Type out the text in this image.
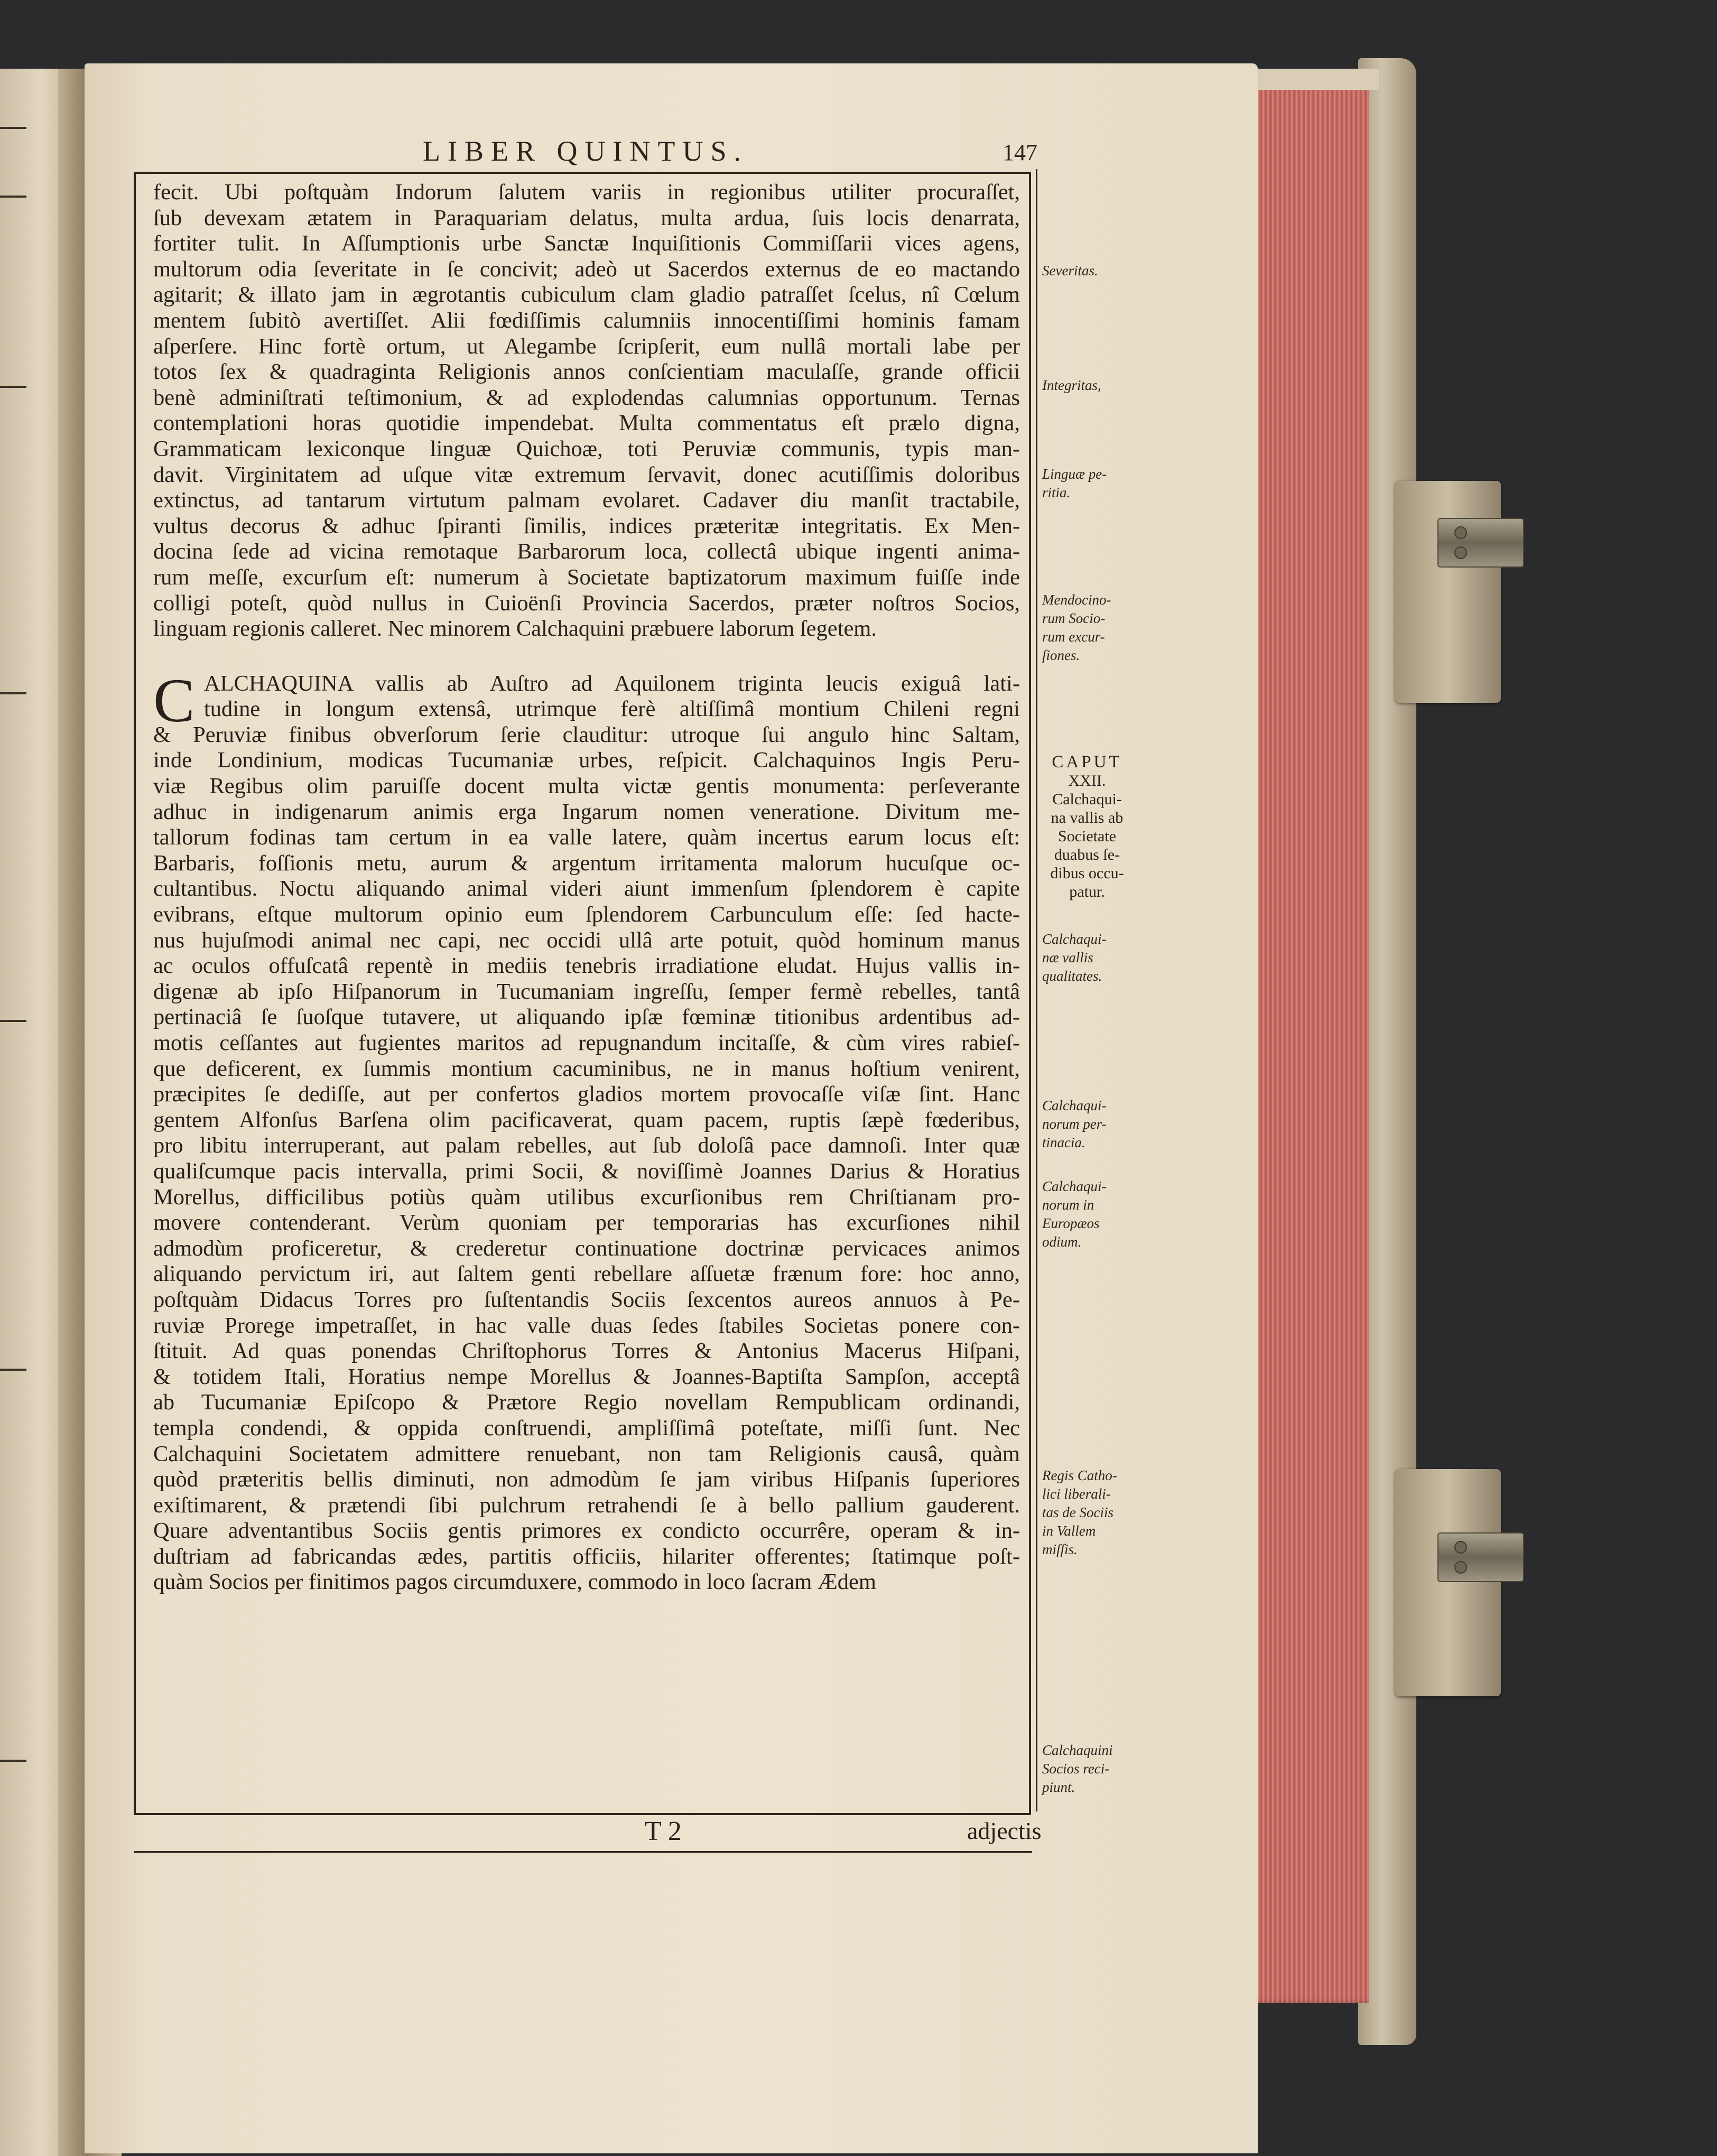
LIBER QUINTUS.	147
fecit. Ubi poſtquàm Indorum ſalutem variis in regionibus utiliter procuraſſet,
ſub devexam ætatem in Paraquariam delatus, multa ardua, ſuis locis denarrata,
fortiter tulit. In Aſſumptionis urbe Sanctæ Inquiſitionis Commiſſarii vices agens,
multorum odia ſeveritate in ſe concivit; adeò ut Sacerdos externus de eo mactando
agitarit; & illato jam in ægrotantis cubiculum clam gladio patraſſet ſcelus, nî Cœlum
mentem ſubitò avertiſſet. Alii fœdiſſimis calumniis innocentiſſimi hominis famam
aſperſere. Hinc fortè ortum, ut Alegambe ſcripſerit, eum nullâ mortali labe per
totos ſex & quadraginta Religionis annos conſcientiam maculaſſe, grande officii
benè adminiſtrati teſtimonium, & ad explodendas calumnias opportunum. Ternas
contemplationi horas quotidie impendebat. Multa commentatus eſt prælo digna,
Grammaticam lexiconque linguæ Quichoæ, toti Peruviæ communis, typis man-
davit. Virginitatem ad uſque vitæ extremum ſervavit, donec acutiſſimis doloribus
extinctus, ad tantarum virtutum palmam evolaret. Cadaver diu manſit tractabile,
vultus decorus & adhuc ſpiranti ſimilis, indices prætеritæ integritatis. Ex Men-
docina ſede ad vicina remotaque Barbarorum loca, collectâ ubique ingenti anima-
rum meſſe, excurſum eſt: numerum à Societate baptizatorum maximum fuiſſe inde
colligi poteſt, quòd nullus in Cuioënſi Provincia Sacerdos, præter noſtros Socios,
linguam regionis calleret. Nec minorem Calchaquini præbuere laborum ſegetem.
C ALCHAQUINA vallis ab Auſtro ad Aquilonem triginta leucis exiguâ lati-
tudine in longum extensâ, utrimque ferè altiſſimâ montium Chileni regni
& Peruviæ finibus obverſorum ſerie clauditur: utroque ſui angulo hinc Saltam,
inde Londinium, modicas Tucumaniæ urbes, reſpicit. Calchaquinos Ingis Peru-
viæ Regibus olim paruiſſe docent multa victæ gentis monumenta: perſeverante
adhuc in indigenarum animis erga Ingarum nomen veneratione. Divitum me-
tallorum fodinas tam certum in ea valle latere, quàm incertus earum locus eſt:
Barbaris, foſſionis metu, aurum & argentum irritamenta malorum hucuſque oc-
cultantibus. Noctu aliquando animal videri aiunt immenſum ſplendorem è capite
evibrans, eſtque multorum opinio eum ſplendorem Carbunculum eſſe: ſed hacte-
nus hujuſmodi animal nec capi, nec occidi ullâ arte potuit, quòd hominum manus
ac oculos offuſcatâ repentè in mediis tenebris irradiatione eludat. Hujus vallis in-
digenæ ab ipſo Hiſpanorum in Tucumaniam ingreſſu, ſemper fermè rebelles, tantâ
pertinaciâ ſe ſuoſque tutavere, ut aliquando ipſæ fœminæ titionibus ardentibus ad-
motis ceſſantes aut fugientes maritos ad repugnandum incitaſſe, & cùm vires rabieſ-
que deficerent, ex ſummis montium cacuminibus, ne in manus hoſtium venirent,
præcipites ſe dediſſe, aut per confertos gladios mortem provocaſſe viſæ ſint. Hanc
gentem Alfonſus Barſena olim pacificaverat, quam pacem, ruptis ſæpè fœderibus,
pro libitu interruperant, aut palam rebelles, aut ſub doloſâ pace damnoſi. Inter quæ
qualiſcumque pacis intervalla, primi Socii, & noviſſimè Joannes Darius & Horatius
Morellus, difficilibus potiùs quàm utilibus excurſionibus rem Chriſtianam pro-
movere contenderant. Verùm quoniam per temporarias has excurſiones nihil
admodùm proficeretur, & crederetur continuatione doctrinæ pervicaces animos
aliquando pervictum iri, aut ſaltem genti rebellare aſſuetæ frænum fore: hoc anno,
poſtquàm Didacus Torres pro ſuſtentandis Sociis ſexcentos aureos annuos à Pe-
ruviæ Prorege impetraſſet, in hac valle duas ſedes ſtabiles Societas ponere con-
ſtituit. Ad quas ponendas Chriſtophorus Torres & Antonius Macerus Hiſpani,
& totidem Itali, Horatius nempe Morellus & Joannes-Baptiſta Sampſon, acceptâ
ab Tucumaniæ Epiſcopo & Prætore Regio novellam Rempublicam ordinandi,
templa condendi, & oppida conſtruendi, ampliſſimâ poteſtate, miſſi ſunt. Nec
Calchaquini Societatem admittere renuebant, non tam Religionis causâ, quàm
quòd præteritis bellis diminuti, non admodùm ſe jam viribus Hiſpanis ſuperiores
exiſtimarent, & prætendi ſibi pulchrum retrahendi ſe à bello pallium gauderent.
Quare adventantibus Sociis gentis primores ex condicto occurrêre, operam & in-
duſtriam ad fabricandas ædes, partitis officiis, hilariter offerentes; ſtatimque poſt-
quàm Socios per finitimos pagos circumduxere, commodo in loco ſacram Ædem
Severitas.
Integritas,
Linguæ pe-
ritia.
Mendocino-
rum Socio-
rum excur-
ſiones.
CAPUT
XXII.
Calchaqui-
na vallis ab
Societate
duabus ſe-
dibus occu-
patur.
Calchaqui-
næ vallis
qualitates.
Calchaqui-
norum per-
tinacia.
Calchaqui-
norum in
Europæos
odium.
Regis Catho-
lici liberali-
tas de Sociis
in Vallem
miſſis.
Calchaquini
Socios reci-
piunt.
T 2	adjectis
